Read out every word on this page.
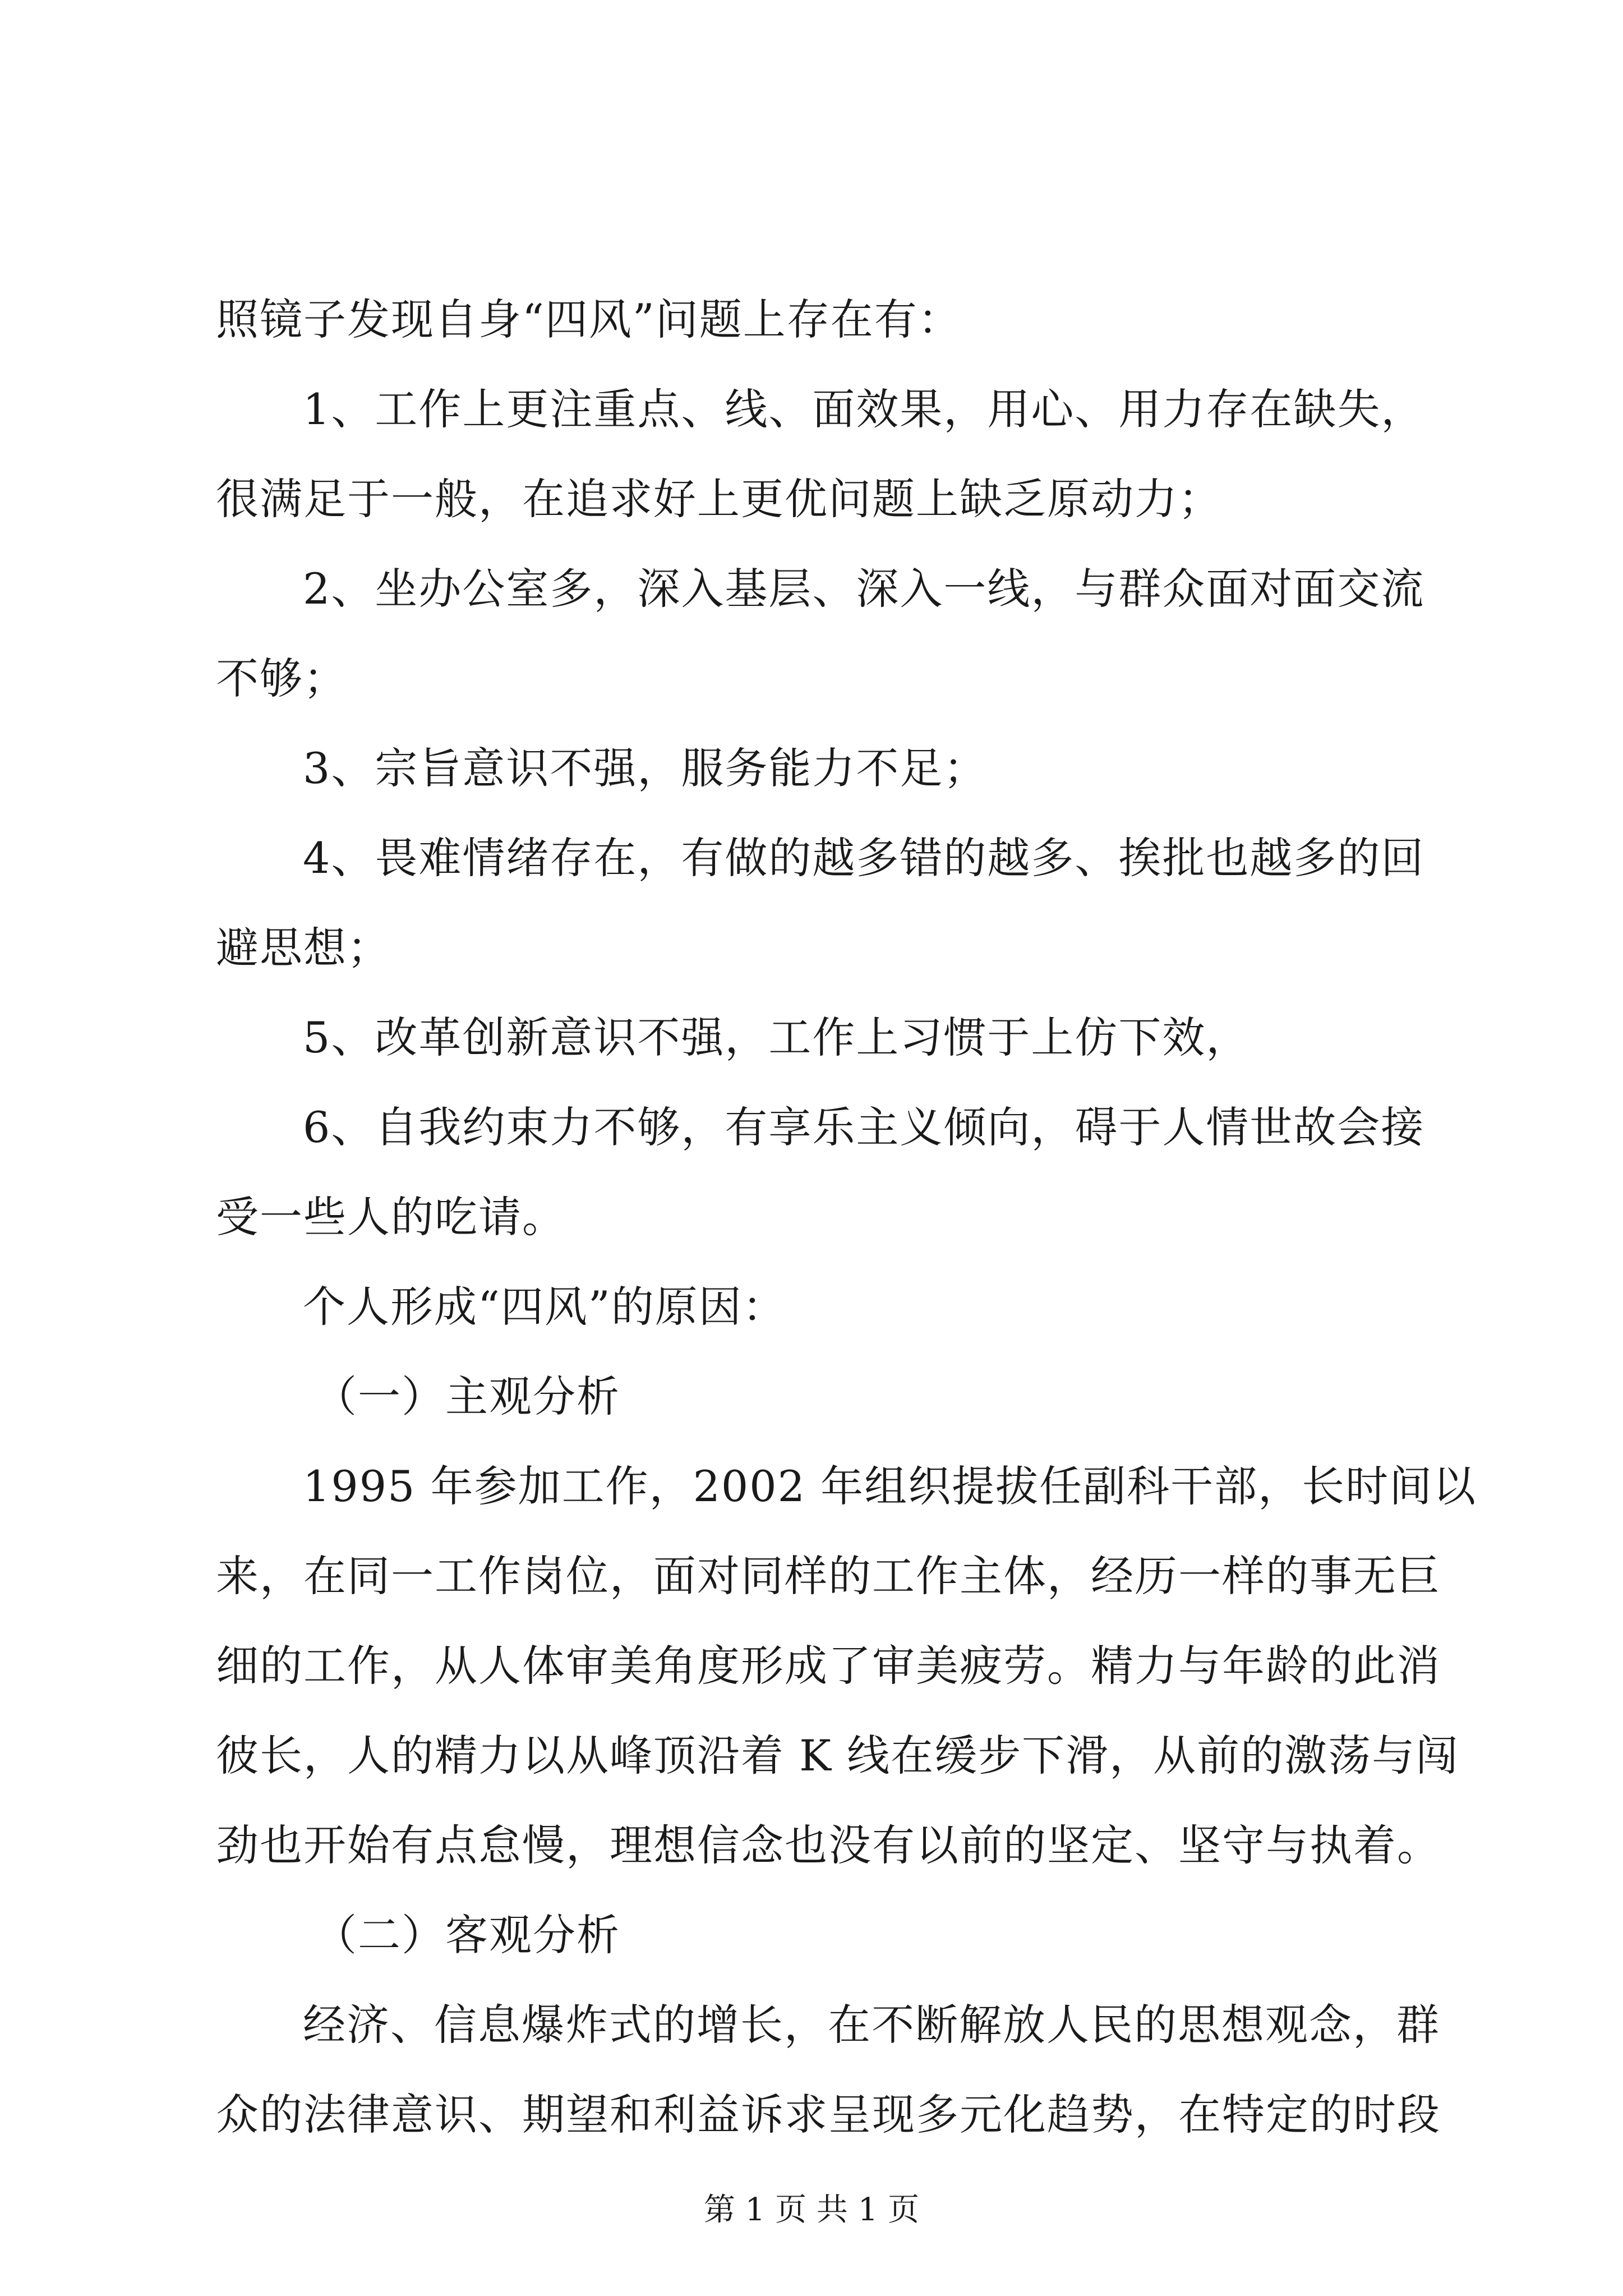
照镜子发现自身“四风”问题上存在有：
1、工作上更注重点、线、面效果，用心、用力存在缺失，
很满足于一般，在追求好上更优问题上缺乏原动力；
2、坐办公室多，深入基层、深入一线，与群众面对面交流
不够；
3、宗旨意识不强，服务能力不足；
4、畏难情绪存在，有做的越多错的越多、挨批也越多的回
避思想；
5、改革创新意识不强，工作上习惯于上仿下效，
6、自我约束力不够，有享乐主义倾向，碍于人情世故会接
受一些人的吃请。
个人形成“四风”的原因：
（一）主观分析
1995 年参加工作，2002 年组织提拔任副科干部，长时间以
来，在同一工作岗位，面对同样的工作主体，经历一样的事无巨
细的工作，从人体审美角度形成了审美疲劳。精力与年龄的此消
彼长，人的精力以从峰顶沿着 K 线在缓步下滑，从前的激荡与闯
劲也开始有点怠慢，理想信念也没有以前的坚定、坚守与执着。
（二）客观分析
经济、信息爆炸式的增长，在不断解放人民的思想观念，群
众的法律意识、期望和利益诉求呈现多元化趋势，在特定的时段
第 1 页 共 1 页
